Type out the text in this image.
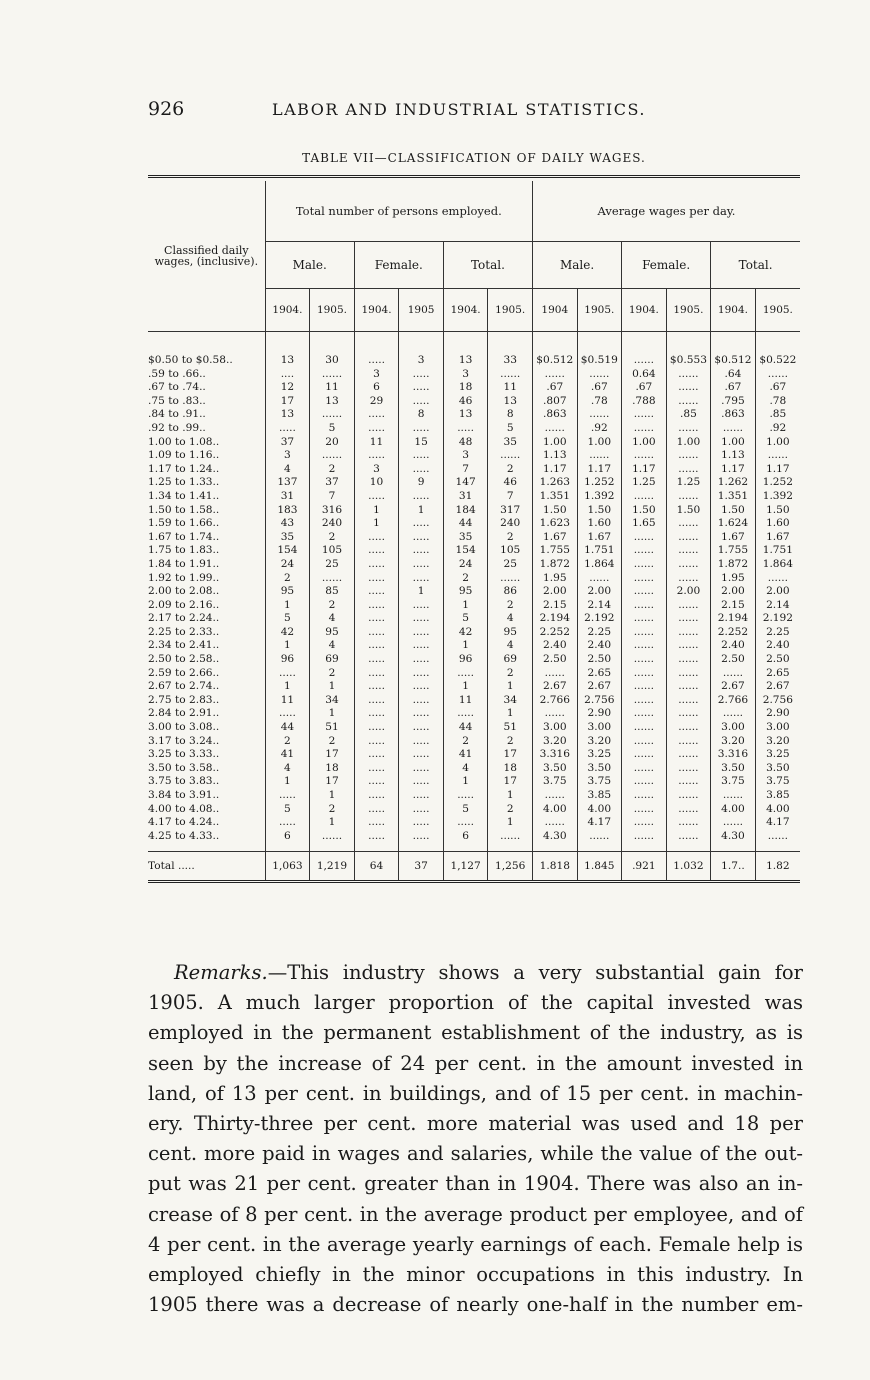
926	LABOR AND INDUSTRIAL STATISTICS.
TABLE VII—CLASSIFICATION OF DAILY WAGES.
Classified daily wages, (inclusive).	Total number of persons employed.						Average wages per day.					
	Male.		Female.		Total.		Male.		Female.		Total.	
	1904.	1905.	1904.	1905	1904.	1905.	1904	1905.	1904.	1905.	1904.	1905.

$0.50 to $0.58..	13	30	.....	3	13	33	$0.512	$0.519	......	$0.553	$0.512	$0.522
.59 to .66..	....	......	3	.....	3	......	......	......	0.64	......	.64	......
.67 to .74..	12	11	6	.....	18	11	.67	.67	.67	......	.67	.67
.75 to .83..	17	13	29	.....	46	13	.807	.78	.788	......	.795	.78
.84 to .91..	13	......	.....	8	13	8	.863	......	......	.85	.863	.85
.92 to .99..	.....	5	.....	.....	.....	5	......	.92	......	......	......	.92
1.00 to 1.08..	37	20	11	15	48	35	1.00	1.00	1.00	1.00	1.00	1.00
1.09 to 1.16..	3	......	.....	.....	3	......	1.13	......	......	......	1.13	......
1.17 to 1.24..	4	2	3	.....	7	2	1.17	1.17	1.17	......	1.17	1.17
1.25 to 1.33..	137	37	10	9	147	46	1.263	1.252	1.25	1.25	1.262	1.252
1.34 to 1.41..	31	7	.....	.....	31	7	1.351	1.392	......	......	1.351	1.392
1.50 to 1.58..	183	316	1	1	184	317	1.50	1.50	1.50	1.50	1.50	1.50
1.59 to 1.66..	43	240	1	.....	44	240	1.623	1.60	1.65	......	1.624	1.60
1.67 to 1.74..	35	2	.....	.....	35	2	1.67	1.67	......	......	1.67	1.67
1.75 to 1.83..	154	105	.....	.....	154	105	1.755	1.751	......	......	1.755	1.751
1.84 to 1.91..	24	25	.....	.....	24	25	1.872	1.864	......	......	1.872	1.864
1.92 to 1.99..	2	......	.....	.....	2	......	1.95	......	......	......	1.95	......
2.00 to 2.08..	95	85	.....	1	95	86	2.00	2.00	......	2.00	2.00	2.00
2.09 to 2.16..	1	2	.....	.....	1	2	2.15	2.14	......	......	2.15	2.14
2.17 to 2.24..	5	4	.....	.....	5	4	2.194	2.192	......	......	2.194	2.192
2.25 to 2.33..	42	95	.....	.....	42	95	2.252	2.25	......	......	2.252	2.25
2.34 to 2.41..	1	4	.....	.....	1	4	2.40	2.40	......	......	2.40	2.40
2.50 to 2.58..	96	69	.....	.....	96	69	2.50	2.50	......	......	2.50	2.50
2.59 to 2.66..	.....	2	.....	.....	.....	2	......	2.65	......	......	......	2.65
2.67 to 2.74..	1	1	.....	.....	1	1	2.67	2.67	......	......	2.67	2.67
2.75 to 2.83..	11	34	.....	.....	11	34	2.766	2.756	......	......	2.766	2.756
2.84 to 2.91..	.....	1	.....	.....	.....	1	......	2.90	......	......	......	2.90
3.00 to 3.08..	44	51	.....	.....	44	51	3.00	3.00	......	......	3.00	3.00
3.17 to 3.24..	2	2	.....	.....	2	2	3.20	3.20	......	......	3.20	3.20
3.25 to 3.33..	41	17	.....	.....	41	17	3.316	3.25	......	......	3.316	3.25
3.50 to 3.58..	4	18	.....	.....	4	18	3.50	3.50	......	......	3.50	3.50
3.75 to 3.83..	1	17	.....	.....	1	17	3.75	3.75	......	......	3.75	3.75
3.84 to 3.91..	.....	1	.....	.....	.....	1	......	3.85	......	......	......	3.85
4.00 to 4.08..	5	2	.....	.....	5	2	4.00	4.00	......	......	4.00	4.00
4.17 to 4.24..	.....	1	.....	.....	.....	1	......	4.17	......	......	......	4.17
4.25 to 4.33..	6	......	.....	.....	6	......	4.30	......	......	......	4.30	......

Total .....	1,063	1,219	64	37	1,127	1,256	1.818	1.845	.921	1.032	1.7..	1.82
Remarks.—This industry shows a very substantial gain for
1905. A much larger proportion of the capital invested was
employed in the permanent establishment of the industry, as is
seen by the increase of 24 per cent. in the amount invested in
land, of 13 per cent. in buildings, and of 15 per cent. in machin-
ery. Thirty-three per cent. more material was used and 18 per
cent. more paid in wages and salaries, while the value of the out-
put was 21 per cent. greater than in 1904. There was also an in-
crease of 8 per cent. in the average product per employee, and of
4 per cent. in the average yearly earnings of each. Female help is
employed chiefly in the minor occupations in this industry. In
1905 there was a decrease of nearly one-half in the number em-
